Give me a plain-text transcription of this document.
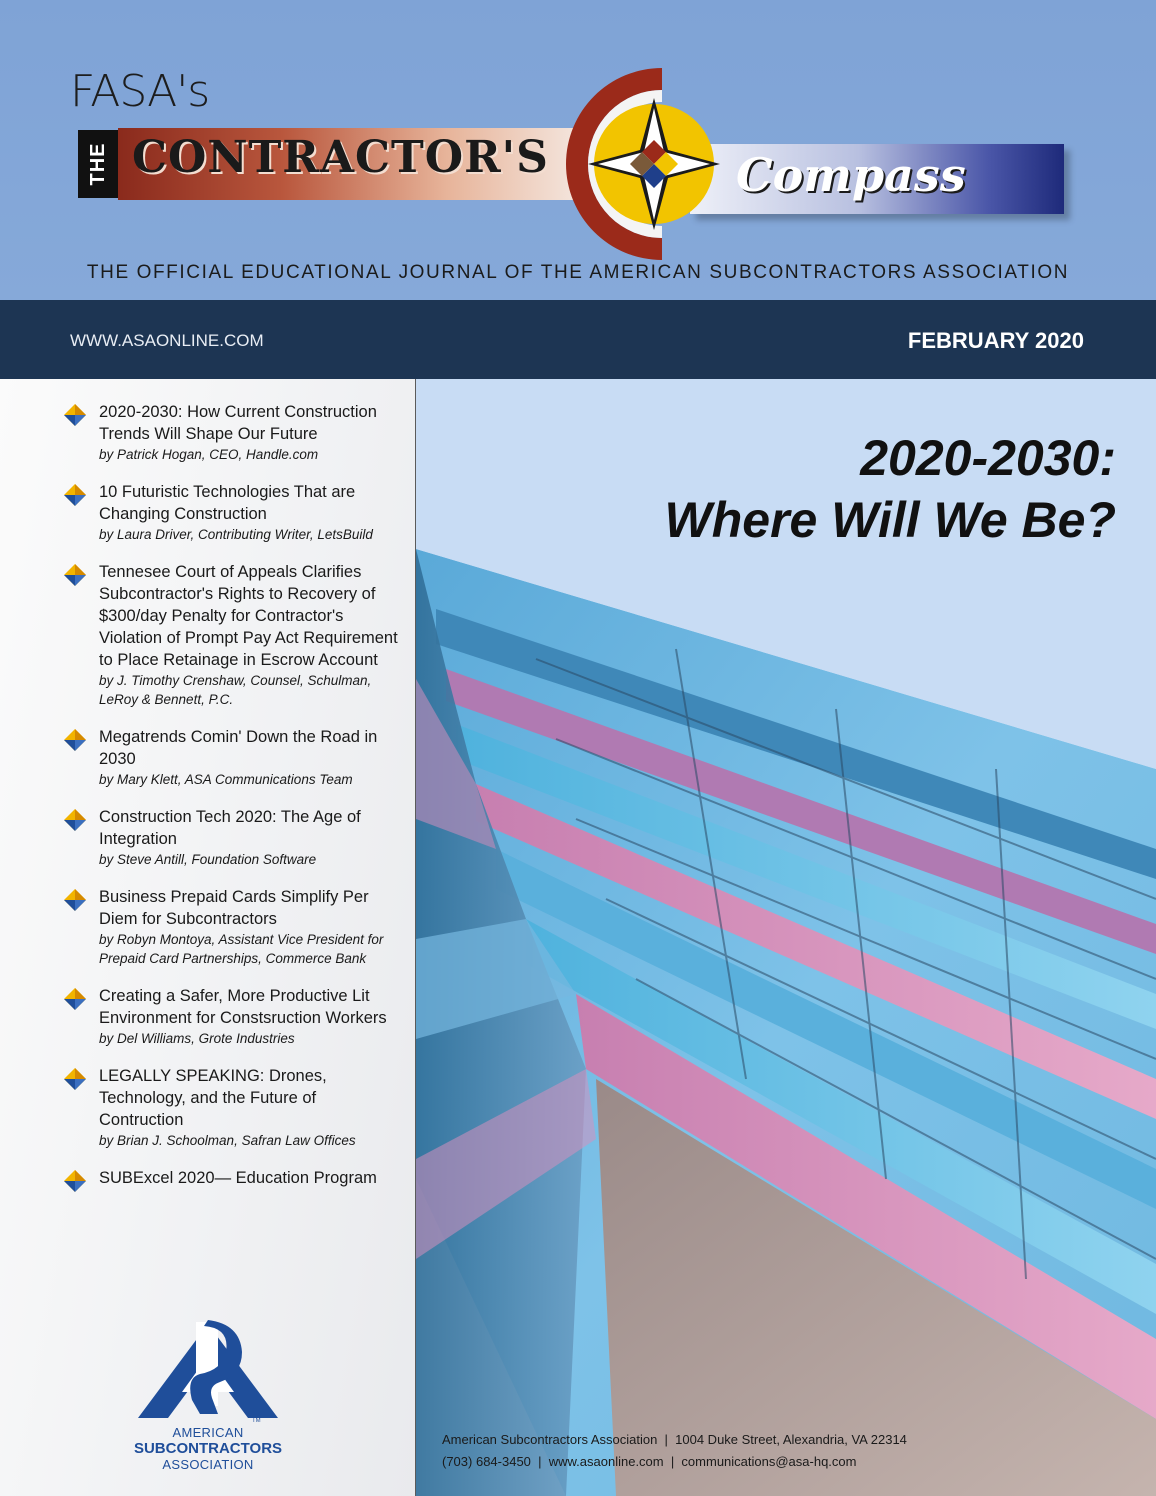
FASA's
THE CONTRACTOR'S	Compass
THE OFFICIAL EDUCATIONAL JOURNAL OF THE AMERICAN SUBCONTRACTORS ASSOCIATION
WWW.ASAONLINE.COM	FEBRUARY 2020
2020-2030: How Current Construction Trends Will Shape Our Future
by Patrick Hogan, CEO, Handle.com
10 Futuristic Technologies That are Changing Construction
by Laura Driver, Contributing Writer, LetsBuild
Tennesee Court of Appeals Clarifies Subcontractor's Rights to Recovery of $300/day Penalty for Contractor's Violation of Prompt Pay Act Requirement to Place Retainage in Escrow Account
by J. Timothy Crenshaw, Counsel, Schulman, LeRoy & Bennett, P.C.
Megatrends Comin' Down the Road in 2030
by Mary Klett, ASA Communications Team
Construction Tech 2020: The Age of Integration
by Steve Antill, Foundation Software
Business Prepaid Cards Simplify Per Diem for Subcontractors
by Robyn Montoya, Assistant Vice President for Prepaid Card Partnerships, Commerce Bank
Creating a Safer, More Productive Lit Environment for Constsruction Workers
by Del Williams, Grote Industries
LEGALLY SPEAKING: Drones, Technology, and the Future of Contruction
by Brian J. Schoolman, Safran Law Offices
SUBExcel 2020— Education Program
TM
AMERICAN
SUBCONTRACTORS
ASSOCIATION
2020-2030:
Where Will We Be?
American Subcontractors Association  |  1004 Duke Street, Alexandria, VA 22314
(703) 684-3450  |  www.asaonline.com  |  communications@asa-hq.com
